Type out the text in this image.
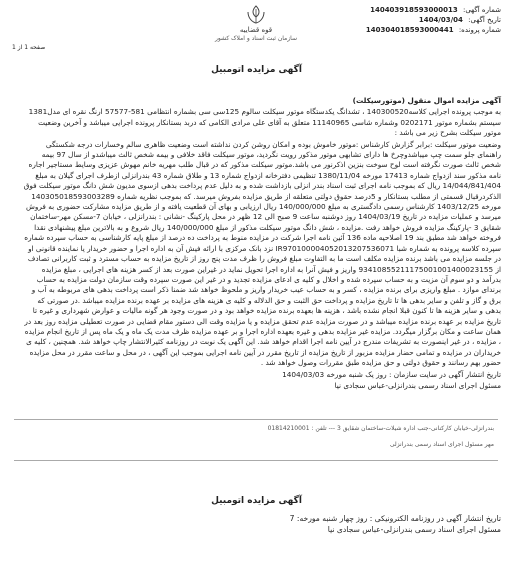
شماره آگهی: 140403918593000013
تاریخ آگهی: 1404/03/04
شماره پرونده: 140304018593000441
قوه قضاییه
سازمان ثبت اسناد و املاک کشور
صفحه 1 از 1
آگهی مزایده اتومبیل

آگهی مزایده اموال منقول (موتورسیکلت)

به موجب پرونده اجرایی کلاسه140300520 ، تشدانگ یکدستگاه موتور سیکلت سالوم 125سی سی بشماره انتظامی 581-57577 ارنگ نقره ای مدل1381 سیستم بشماره موتور 0202171 وشماره شاسی 11140965 متعلق به آقای علی مرادی الکامی که دربد بستانکار پرونده اجرایی میباشد و آخرین وضعیت موتور سیکلت بشرح زیر می باشد :

وضعیت موتور سیکلت :برابر گزارش کارشناس :موتور خاموش بوده و امکان روشن کردن نداشته است وضعیت ظاهری سالم وخسارات درجه شکستگی راهنمای جلو سمت چپ میباشدوچرخ ها دارای تشابهی موتور مذکور رویت نگردید، موتور سیکلت فاقد خلافی و بیمه شخص ثالث میباشدو از سال 97 بیمه شخص ثالث صورت نگرفته است لوح سوخت بنزین اذکرنور می باشد.موتور سیکلت مذکور که در قبال طلب مهریه خانم مهوش عزیزی وسایط مستاجیر اجاره نامه مذکور سند ازدواج شماره 17413 مورخه 1380/11/04 تنظیمی دفترخانه ازدواج شماره 13 و طلاق شماره 43 بندرانزلی ازطرف اجرای گیلان به مبلغ 14/044/841/404 ریال که بموجب نامه اجرای ثبت اسناد بندر انزلی بازداشت شده و به دلیل عدم پرداخت بدهی ازسوی مدیون شش دانگ موتور سیکلت فوق الذکردرقبال قسمتی از مطلب بستانکار و 5درصد حقوق دولتی متعلقه از طریق مزایده بفروش میرسد. که بموجب نظریه شماره 140305018593003289 مورخه 1403/12/25 کارشناس رسمی دادگستری به مبلغ 140/000/000 ریال ارزیابی و بهای آن قطعیت یافته و از طریق مزایده مشارکت حضوری به فروش میرسد و عملیات مزایده در تاریخ 1404/03/19 روز دوشنبه ساعت 9 صبح الی 12 ظهر در محل پارکینگ -نشانی : بندرانزلی ، خیابان 7-مسکن مهر-ساختمان شقایق 3 -پارکینگ مزایده فروش خواهد رفت .مزایده ، شش دانگ موتور سیکلت مذکور از مبلغ 140/000/000 ریال شروع و به بالاترین مبلغ پیشنهادی نقدا فروخته خواهد شد مطبق بند 19 اصلاحیه ماده 136 آئین نامه اجرا شرکت در مزایده منوط به پرداخت ده درصد از مبلغ پایه کارشناسی به حساب سپرده شماره سپرده کلاسه پرونده به شماره شبا IR970100004052013207536071 نزد بانک مرکزی با ارائه فیش آن به اداره اجرا و حضور خریدار یا نماینده قانونی او در جلسه مزایده می باشد برنده مزایده مکلف است ما به التفاوت مبلغ فروش را ظرف مدت پنج روز از تاریخ مزایده به حساب مسترد و ثبت کاربرانی تصادف از 93410855211175001001400023155 واریز و فیش آنرا به اداره اجرا تحویل نماید در غیراین صورت بعد از کسر هزینه های اجرایی ، مبلغ مزایده بدرآمد و دو سوم آن مزیت و به حساب سپرده شده و اخلال و کلیه ی ادعای مزایده تجدید و در غیر این صورت سپرده وقت سازمان دولت مزایده به حساب برندای موازد . مبلغ واریزی برای برنده مزایده ، کسر و به حساب عیب خریدار واریز و ملحوظ خواهد شد ضمنا ذکر است پرداخت بدهی های مربوطه به آب و برق و گاز و تلفن و سایر بدهی ها تا تاریخ مزایده و پرداخت حق الثبت و حق الدلاله و کلیه ی هزینه های مزایده بر عهده برنده مزایده میباشد .در صورتی که بدهی و سایر هزینه ها تا کنون قبلا انجام نشده باشد ، هزینه ها بعهده برنده مزایده خواهد بود و در صورت وجود هر گونه مالیات و عوارض شهرداری و غیره تا تاریخ مزایده بر عهده برنده مزایده میباشد و در صورت مزایده عدم تحقق مزایده و یا مزایده وقت الی دستور مقام قضایی در صورت تعطیلی مزایده روز بعد در همان ساعت و مکان برگزار میگردد. مزایده غیر مزایده بدهی و غیره بعهده اداره اجرا و بر عهده مزایده ظرف مدت یک ماه و یک ماه پس از تاریخ انجام مزایده ، مزایده ، در غیر اینصورت به تشریفات مندرج در آیین نامه اجرا اقدام خواهد شد. این آگهی یک نوبت در روزنامه کثیرالانتشار چاپ خواهد شد. همچنین ، کلیه ی خریداران در مزایده و تمامی حضار مزایده مزبور از تاریخ مزایده از تاریخ مقرر در آیین نامه اجرایی بموجب این آگهی ، در محل و ساعت مقرر در محل مزایده حضور بهم رسانند و حقوق دولتی و حق مزایده طبق مقررات وصول خواهد شد .

تاریخ انتشار آگهی در سایت سازمان : روز یک شنبه مورخه 1404/03/03

مسئول اجرای اسناد رسمی بندرانزلی-عباس سجادی نیا

بندرانزلی-خیابان کارکنانی-جنب اداره شیلات-ساختمان شقایق 3 --- تلفن : 01814210001
مهر مسئول اجرای اسناد رسمی بندرانزلی
آگهی مزایده اتومبیل

تاریخ انتشار آگهی در روزنامه الکترونیکی : روز چهار شنبه مورخه: 7

مسئول اجرای اسناد رسمی بندرانزلی-عباس سجادی نیا
